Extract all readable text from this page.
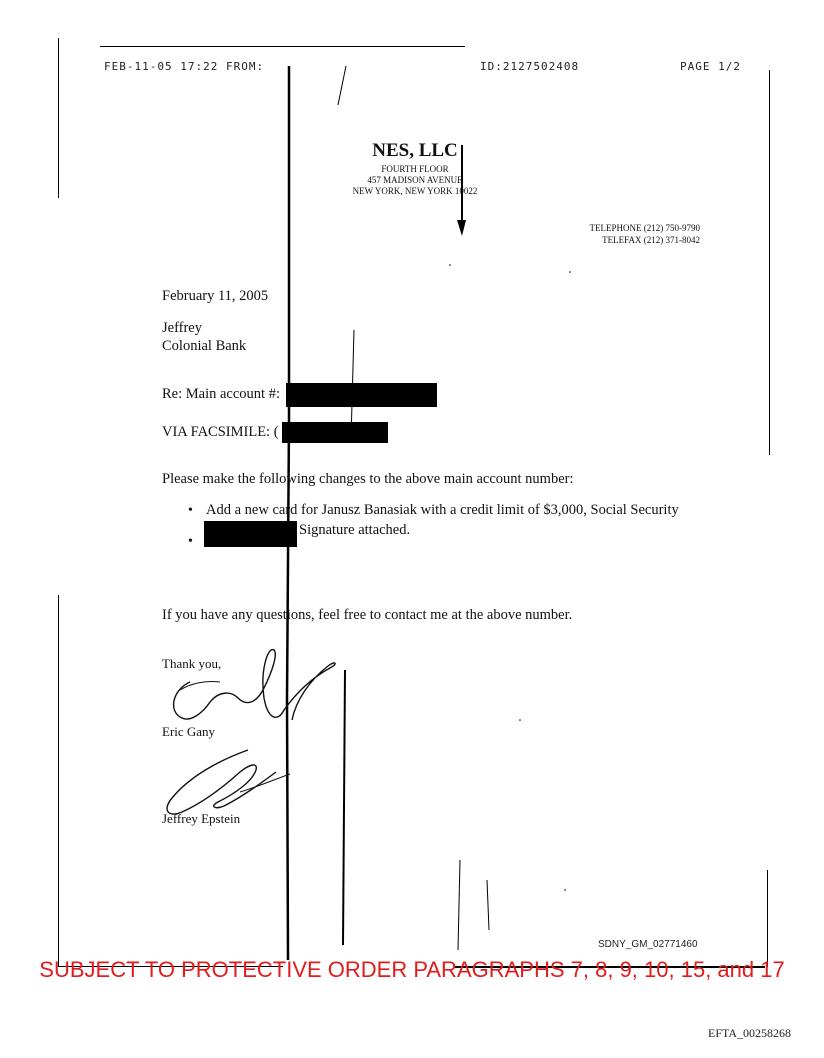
FEB-11-05 17:22 FROM:	ID:2127502408	PAGE 1/2
NES, LLC
FOURTH FLOOR
457 MADISON AVENUE
NEW YORK, NEW YORK 10022
TELEPHONE (212) 750-9790
TELEFAX (212) 371-8042
February 11, 2005
Jeffrey
Colonial Bank
Re: Main account #:
VIA FACSIMILE: (
Please make the following changes to the above main account number:
• Add a new card for Janusz Banasiak with a credit limit of $3,000, Social Security
Signature attached.
•
If you have any questions, feel free to contact me at the above number.
Thank you,
Eric Gany
Jeffrey Epstein
SDNY_GM_02771460
SUBJECT TO PROTECTIVE ORDER PARAGRAPHS 7, 8, 9, 10, 15, and 17
EFTA_00258268
